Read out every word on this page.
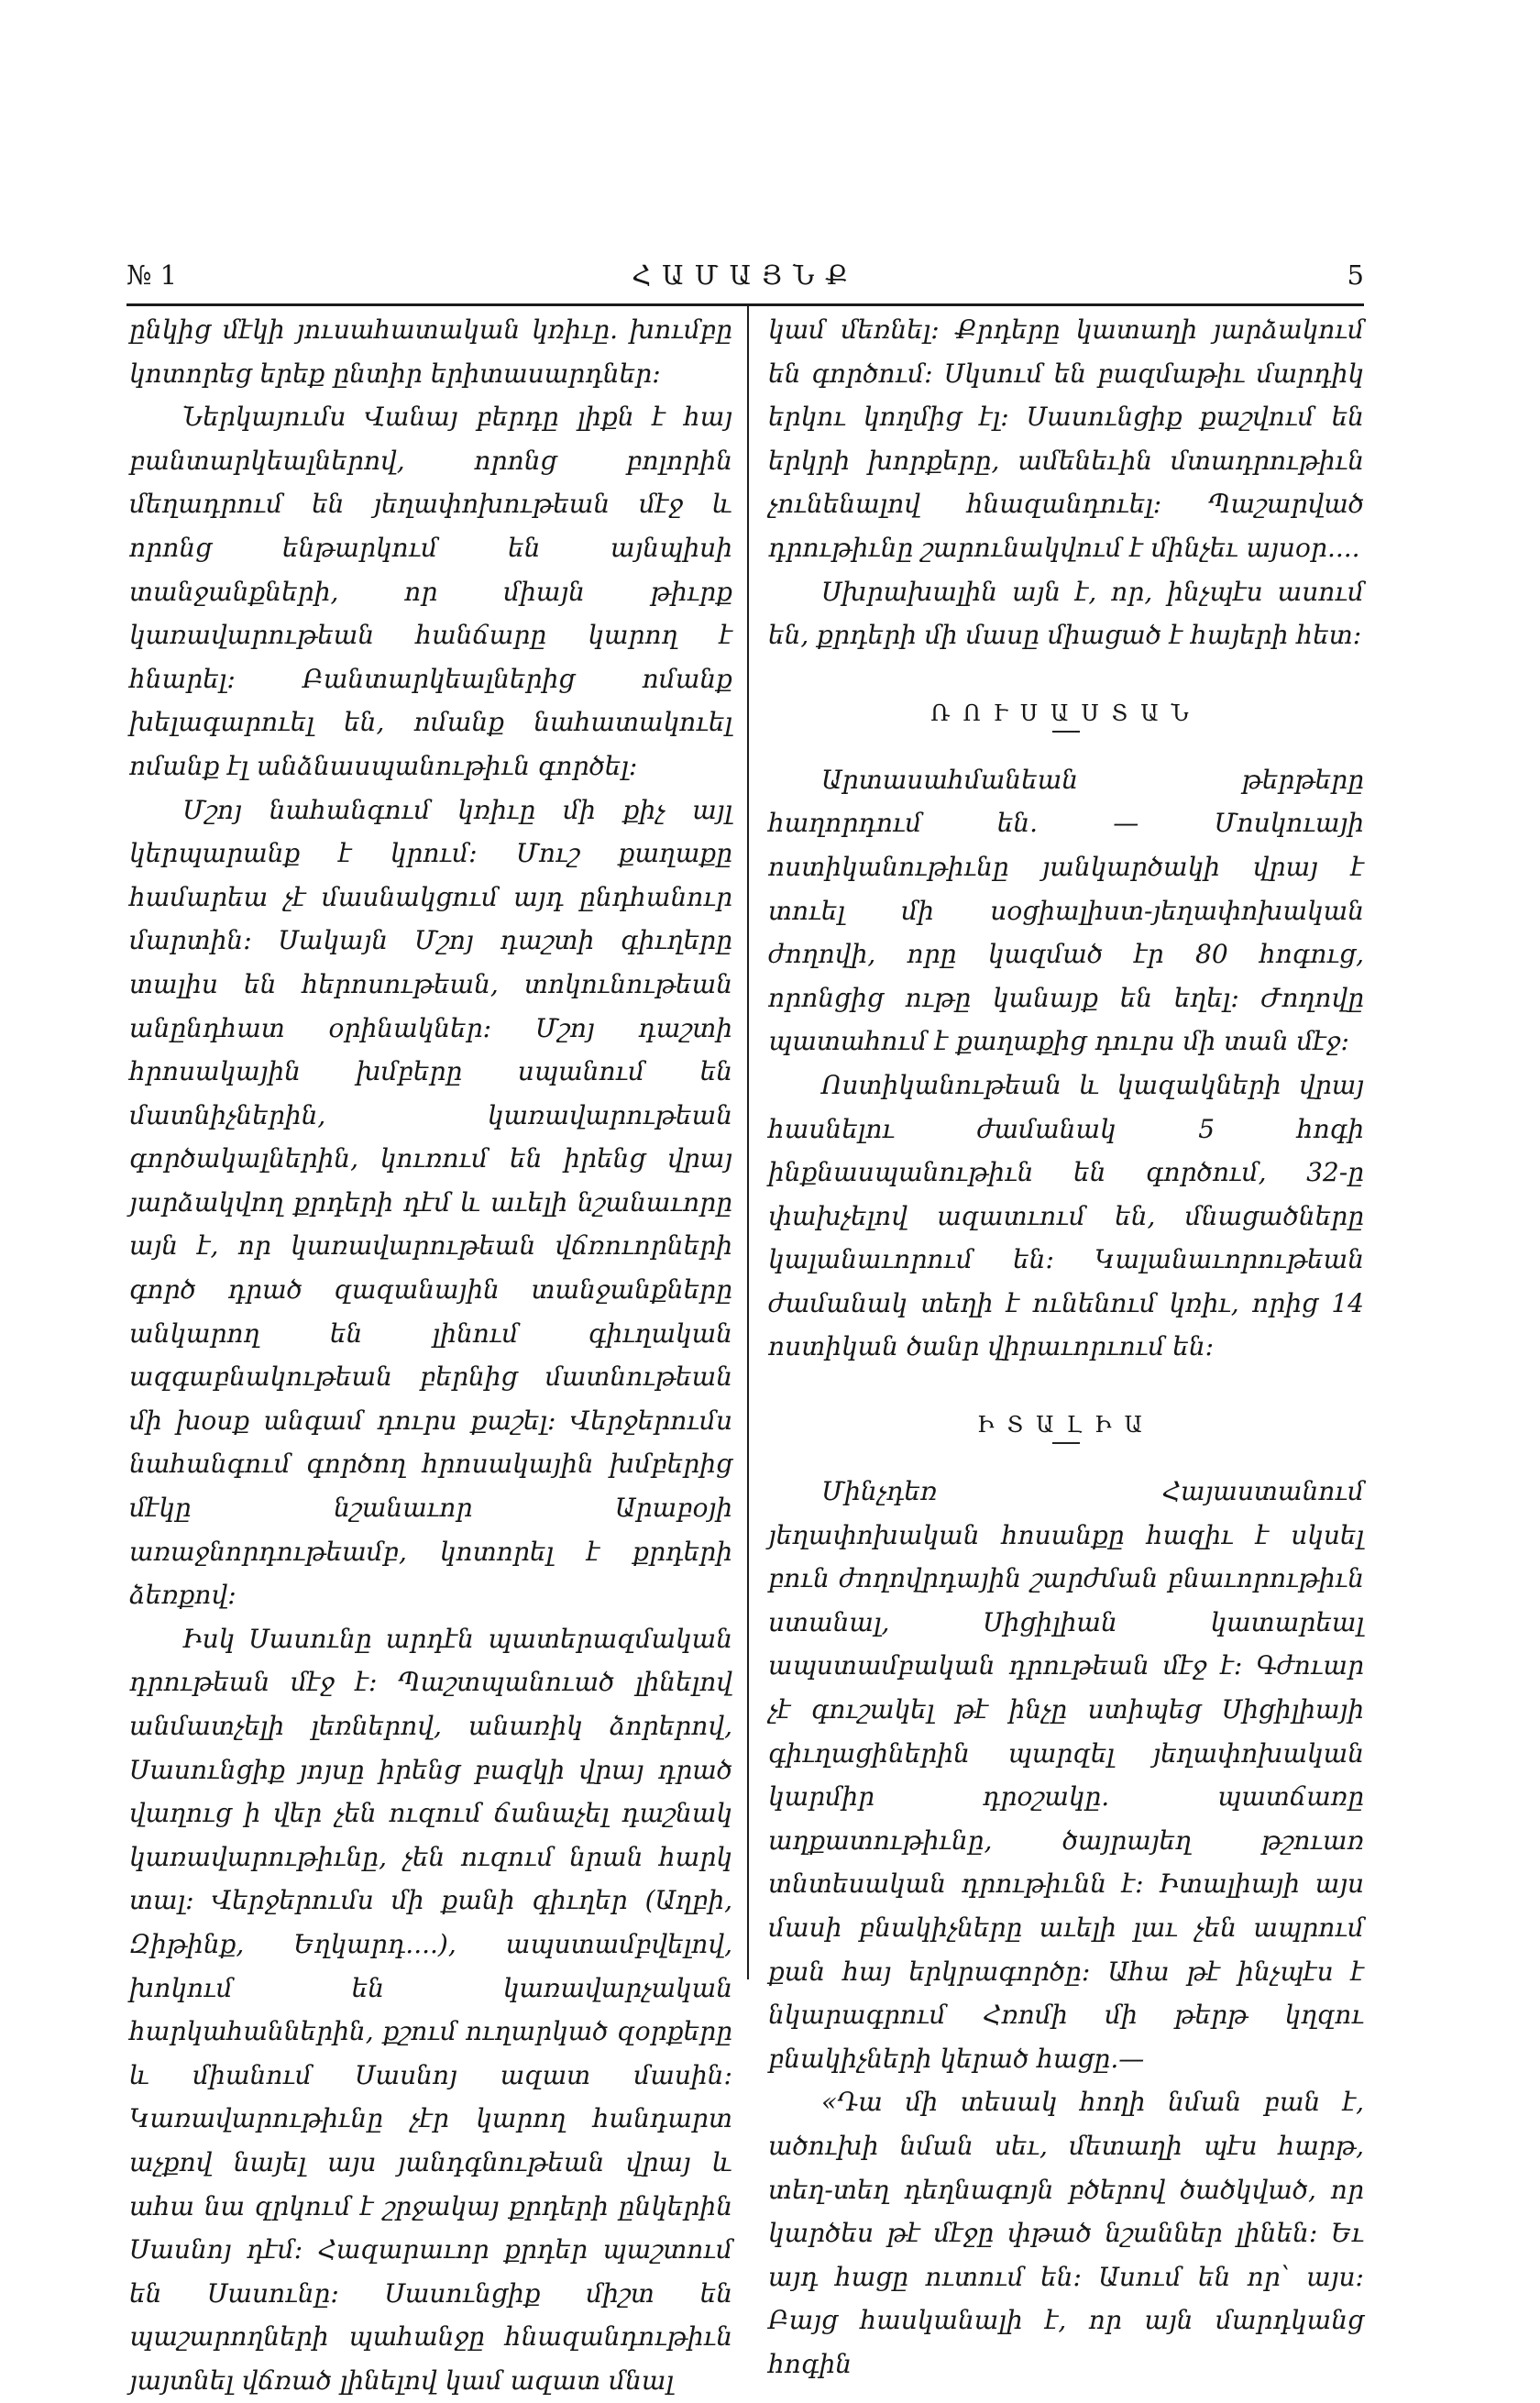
ՀԱՄԱՅՆՔ
№ 1	5

ընկից մէկի յուսահատական կռիւը. խումբը կոտորեց երեք ընտիր երիտասարդներ։

Ներկայումս Վանայ բերդը լիքն է հայ բանտարկեալներով, որոնց բոլորին մեղադրում են յեղափոխութեան մէջ և որոնց ենթարկում են այնպիսի տանջանքների, որ միայն թիւրք կառավարութեան հանճարը կարող է հնարել։ Բանտարկեալներից ոմանք խելագարուել են, ոմանք նահատակուել ոմանք էլ անձնասպանութիւն գործել։

Մշոյ նահանգում կռիւը մի քիչ այլ կերպարանք է կրում։ Մուշ քաղաքը համարեա չէ մասնակցում այդ ընդհանուր մարտին։ Սակայն Մշոյ դաշտի գիւղերը տալիս են հերոսութեան, տոկունութեան անընդհատ օրինակներ։ Մշոյ դաշտի հրոսակային խմբերը սպանում են մատնիչներին, կառավարութեան գործակալներին, կուռում են իրենց վրայ յարձակվող քրդերի դէմ և աւելի նշանաւորը այն է, որ կառավարութեան վճռուորների գործ դրած զազանային տանջանքները անկարող են լինում գիւղական ազգաբնակութեան բերնից մատնութեան մի խօսք անգամ դուրս քաշել։ Վերջերումս նահանգում գործող հրոսակային խմբերից մէկը նշանաւոր Արաբօյի առաջնորդութեամբ, կոտորել է քրդերի ձեռքով։

Իսկ Սասունը արդէն պատերազմական դրութեան մէջ է։ Պաշտպանուած լինելով անմատչելի լեռներով, անառիկ ձորերով, Սասունցիք յոյսը իրենց բազկի վրայ դրած վաղուց ի վեր չեն ուզում ճանաչել դաշնակ կառավարութիւնը, չեն ուզում նրան հարկ տալ։ Վերջերումս մի քանի գիւղեր (Աղբի, Զիթինք, Եղկարդ....), ապստամբվելով, խոկում են կառավարչական հարկահաններին, քշում ուղարկած զօրքերը և միանում Սասնոյ ազատ մասին։ Կառավարութիւնը չէր կարող հանդարտ աչքով նայել այս յանդգնութեան վրայ և ահա նա զրկում է շրջակայ քրդերի ընկերին Սասնոյ դէմ։ Հազարաւոր քրդեր պաշտում են Սասունը։ Սասունցիք միշտ են պաշարողների պահանջը հնազանդութիւն յայտնել վճռած լինելով կամ ազատ մնալ

կամ մեռնել։ Քրդերը կատաղի յարձակում են գործում։ Սկսում են բազմաթիւ մարդիկ երկու կողմից էլ։ Սասունցիք քաշվում են երկրի խորքերը, ամենեւին մտադրութիւն չունենալով հնազանդուել։ Պաշարված դրութիւնը շարունակվում է մինչեւ այսօր....

Սխրախալին այն է, որ, ինչպէս ասում են, քրդերի մի մասը միացած է հայերի հետ։

ՌՈՒՍԱՍՏԱՆ

Արտասահմանեան թերթերը հաղորդում են. — Մոսկուայի ոստիկանութիւնը յանկարծակի վրայ է տուել մի սօցիալիստ-յեղափոխական ժողովի, որը կազմած էր 80 հոգուց, որոնցից ութը կանայք են եղել։ Ժողովը պատահում է քաղաքից դուրս մի տան մէջ։

Ոստիկանութեան և կազակների վրայ հասնելու ժամանակ 5 հոգի ինքնասպանութիւն են գործում, 32-ը փախչելով ազատւում են, մնացածները կալանաւորում են։ Կալանաւորութեան ժամանակ տեղի է ունենում կռիւ, որից 14 ոստիկան ծանր վիրաւորւում են։

ԻՏԱԼԻԱ

Մինչդեռ Հայաստանում յեղափոխական հոսանքը հազիւ է սկսել բուն ժողովրդային շարժման բնաւորութիւն ստանալ, Սիցիլիան կատարեալ ապստամբական դրութեան մէջ է։ Գժուար չէ գուշակել թէ ինչը ստիպեց Սիցիլիայի գիւղացիներին պարզել յեղափոխական կարմիր դրօշակը. պատճառը աղքատութիւնը, ծայրայեղ թշուառ տնտեսական դրութիւնն է։ Իտալիայի այս մասի բնակիչները աւելի լաւ չեն ապրում քան հայ երկրագործը։ Ահա թէ ինչպէս է նկարագրում Հռոմի մի թերթ կղզու բնակիչների կերած հացը.—

«Դա մի տեսակ հողի նման բան է, ածուխի նման սեւ, մետաղի պէս հարթ, տեղ-տեղ դեղնագոյն բծերով ծածկված, որ կարծես թէ մէջը փթած նշաններ լինեն։ Եւ այդ հացը ուտում են։ Ասում են որ՝ այս։ Բայց հասկանալի է, որ այն մարդկանց հոգին
